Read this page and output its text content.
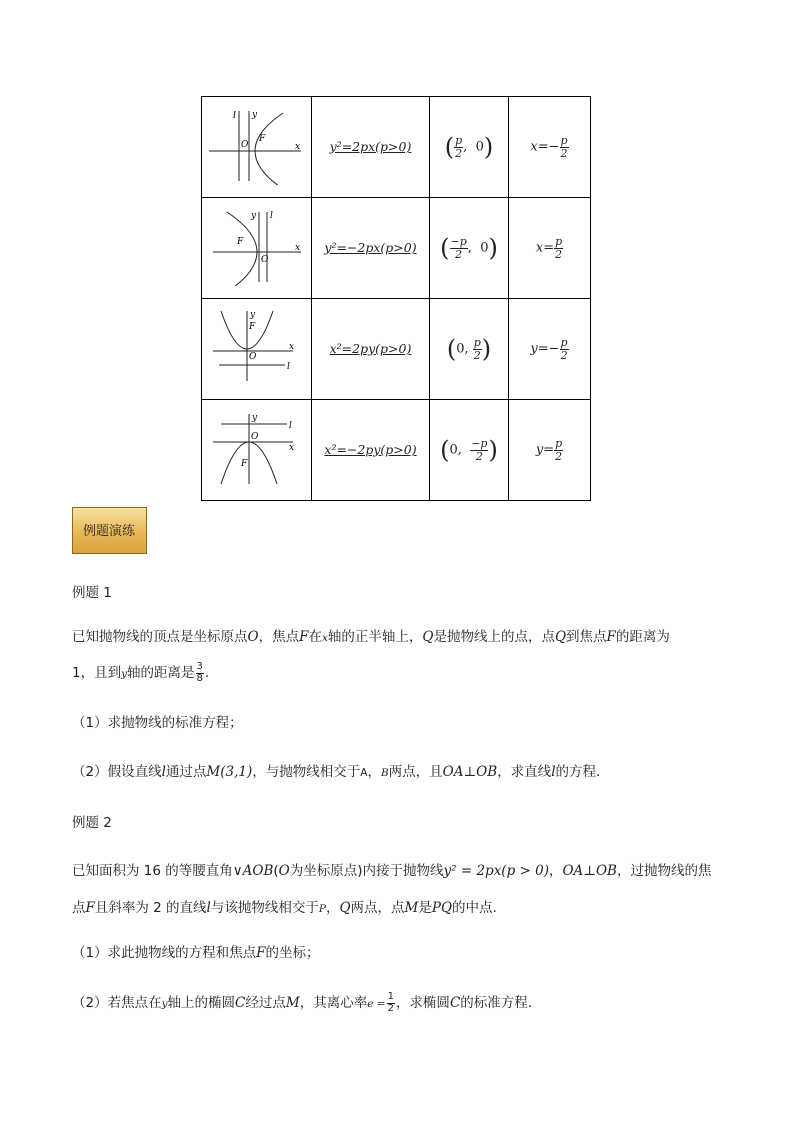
l y
O
F
x	y²=2px(p>0)	( $\frac{p}{2}$ ,  0)	$x=- \frac{p}{2}$

y l
O
F
x	y²=−2px(p>0)	( $\frac{-p}{2}$ ,  0)	$x= \frac{p}{2}$

y
F
O
x
l	x²=2py(p>0)	(0, $\frac{p}{2}$ )	$y=- \frac{p}{2}$

y
l
O
x
F	x²=−2py(p>0)	(0, $\frac{-p}{2}$ )	$y= \frac{p}{2}$
例题演练
例题 1
已知抛物线的顶点是坐标原点O，焦点F在x轴的正半轴上，Q是抛物线上的点，点Q到焦点F的距离为
1，且到y轴的距离是 $\frac{3}{8}$ .
（1）求抛物线的标准方程；
（2）假设直线l通过点M(3,1)，与抛物线相交于A，B两点，且OA⊥OB，求直线l的方程.
例题 2
已知面积为 16 的等腰直角∨AOB(O为坐标原点)内接于抛物线y² = 2px(p > 0)，OA⊥OB，过抛物线的焦
点F且斜率为 2 的直线l与该抛物线相交于P，Q两点，点M是PQ的中点.
（1）求此抛物线的方程和焦点F的坐标；
（2）若焦点在y轴上的椭圆C经过点M，其离心率$e = \frac{1}{2}$ ，求椭圆C的标准方程.
